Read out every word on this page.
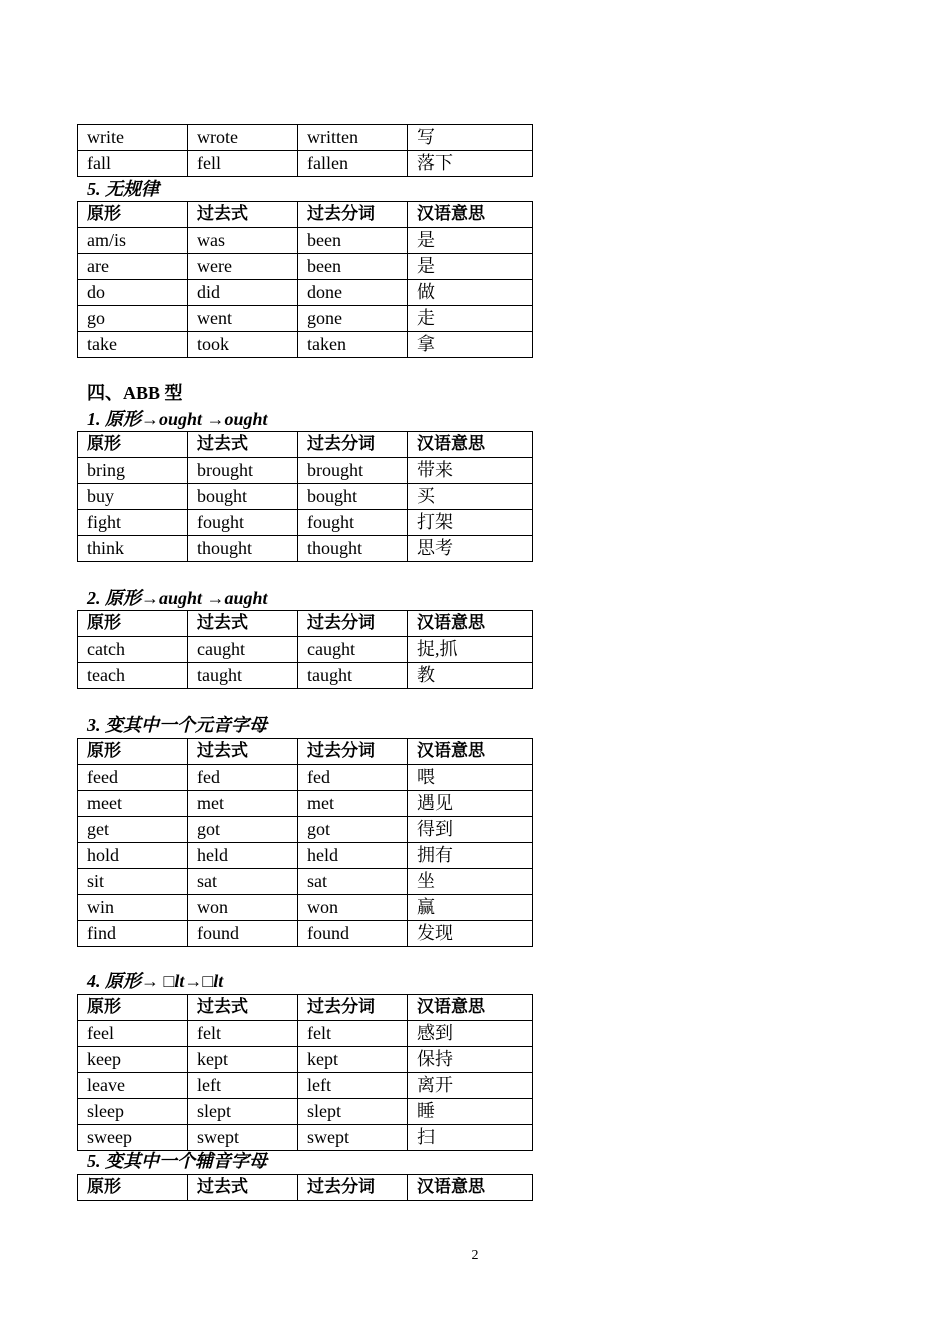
write	wrote	written	写
fall	fell	fallen	落下
5. 无规律
原形	过去式	过去分词	汉语意思
am/is	was	been	是
are	were	been	是
do	did	done	做
go	went	gone	走
take	took	taken	拿
四、ABB 型
1. 原形→ought →ought
原形	过去式	过去分词	汉语意思
bring	brought	brought	带来
buy	bought	bought	买
fight	fought	fought	打架
think	thought	thought	思考
2. 原形→aught →aught
原形	过去式	过去分词	汉语意思
catch	caught	caught	捉,抓
teach	taught	taught	教
3. 变其中一个元音字母
原形	过去式	过去分词	汉语意思
feed	fed	fed	喂
meet	met	met	遇见
get	got	got	得到
hold	held	held	拥有
sit	sat	sat	坐
win	won	won	赢
find	found	found	发现
4. 原形→ □lt→□lt
原形	过去式	过去分词	汉语意思
feel	felt	felt	感到
keep	kept	kept	保持
leave	left	left	离开
sleep	slept	slept	睡
sweep	swept	swept	扫
5. 变其中一个辅音字母
原形	过去式	过去分词	汉语意思
2
